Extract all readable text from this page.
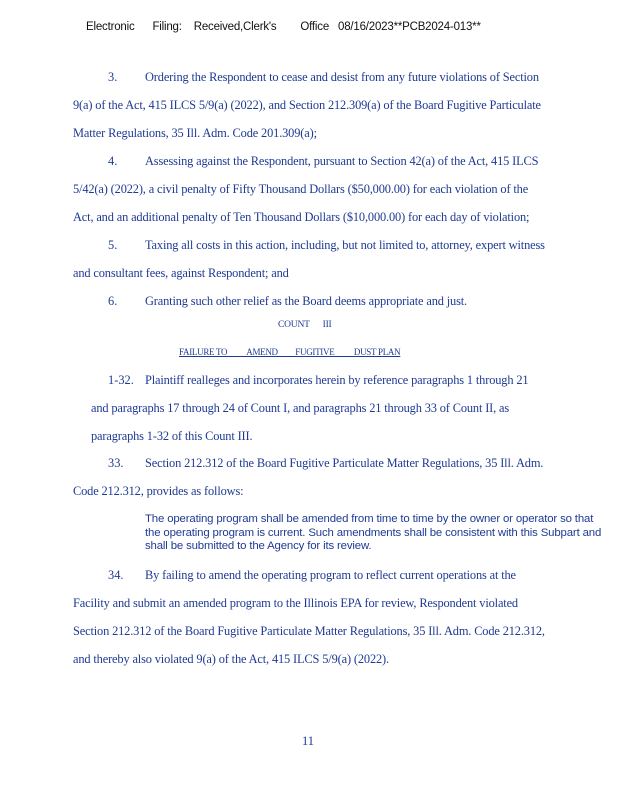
Electronic      Filing:    Received,Clerk's        Office   08/16/2023**PCB2024-013**
3. Ordering the Respondent to cease and desist from any future violations of Section
9(a) of the Act, 415 ILCS 5/9(a) (2022), and Section 212.309(a) of the Board Fugitive Particulate
Matter Regulations, 35 Ill. Adm. Code 201.309(a);
4. Assessing against the Respondent, pursuant to Section 42(a) of the Act, 415 ILCS
5/42(a) (2022), a civil penalty of Fifty Thousand Dollars ($50,000.00) for each violation of the
Act, and an additional penalty of Ten Thousand Dollars ($10,000.00) for each day of violation;
5. Taxing all costs in this action, including, but not limited to, attorney, expert witness
and consultant fees, against Respondent; and
6. Granting such other relief as the Board deems appropriate and just.
COUNT      III
FAILURE TO          AMEND         FUGITIVE          DUST PLAN
1-32. Plaintiff realleges and incorporates herein by reference paragraphs 1 through 21
and paragraphs 17 through 24 of Count I, and paragraphs 21 through 33 of Count II, as
paragraphs 1-32 of this Count III.
33. Section 212.312 of the Board Fugitive Particulate Matter Regulations, 35 Ill. Adm.
Code 212.312, provides as follows:
The operating program shall be amended from time to time by the owner or operator so that the operating program is current. Such amendments shall be consistent with this Subpart and shall be submitted to the Agency for its review.
34. By failing to amend the operating program to reflect current operations at the
Facility and submit an amended program to the Illinois EPA for review, Respondent violated
Section 212.312 of the Board Fugitive Particulate Matter Regulations, 35 Ill. Adm. Code 212.312,
and thereby also violated 9(a) of the Act, 415 ILCS 5/9(a) (2022).
11
